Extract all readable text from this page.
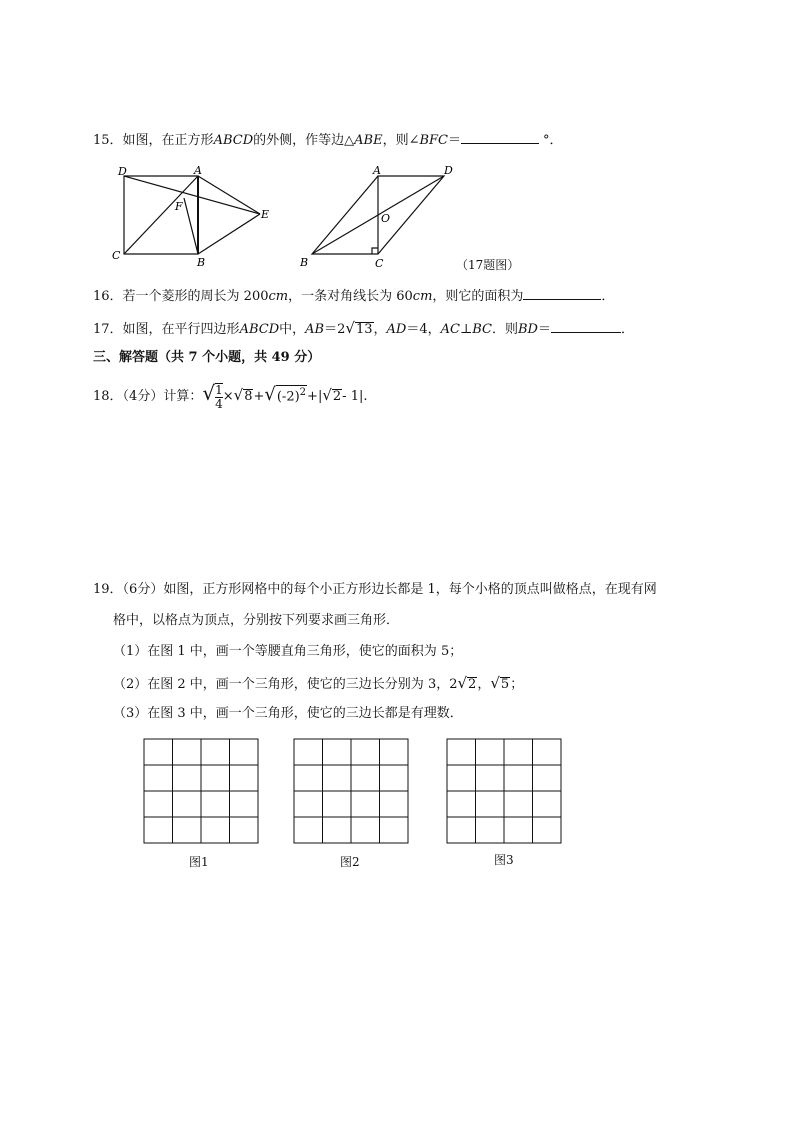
15．如图，在正方形ABCD的外侧，作等边△ABE，则∠BFC＝	°．
D	A
F
E
C
B
A	D
O
B	C	（17题图）
16．若一个菱形的周长为 200cm，一条对角线长为 60cm，则它的面积为	．
17．如图，在平行四边形ABCD中，AB＝2√13，AD＝4，AC⊥BC．则BD＝	．
三、解答题（共 7 个小题，共 49 分）
18．（4分）计算：√ $\frac{1}{4} \times√8+√(-2)^2+|√2-$ 1|.
19．（6分）如图，正方形网格中的每个小正方形边长都是 1，每个小格的顶点叫做格点，在现有网
格中，以格点为顶点，分别按下列要求画三角形．
（1）在图 1 中，画一个等腰直角三角形，使它的面积为 5；
（2）在图 2 中，画一个三角形，使它的三边长分别为 3，2√2，√5；
（3）在图 3 中，画一个三角形，使它的三边长都是有理数．
图1	图2	图3
